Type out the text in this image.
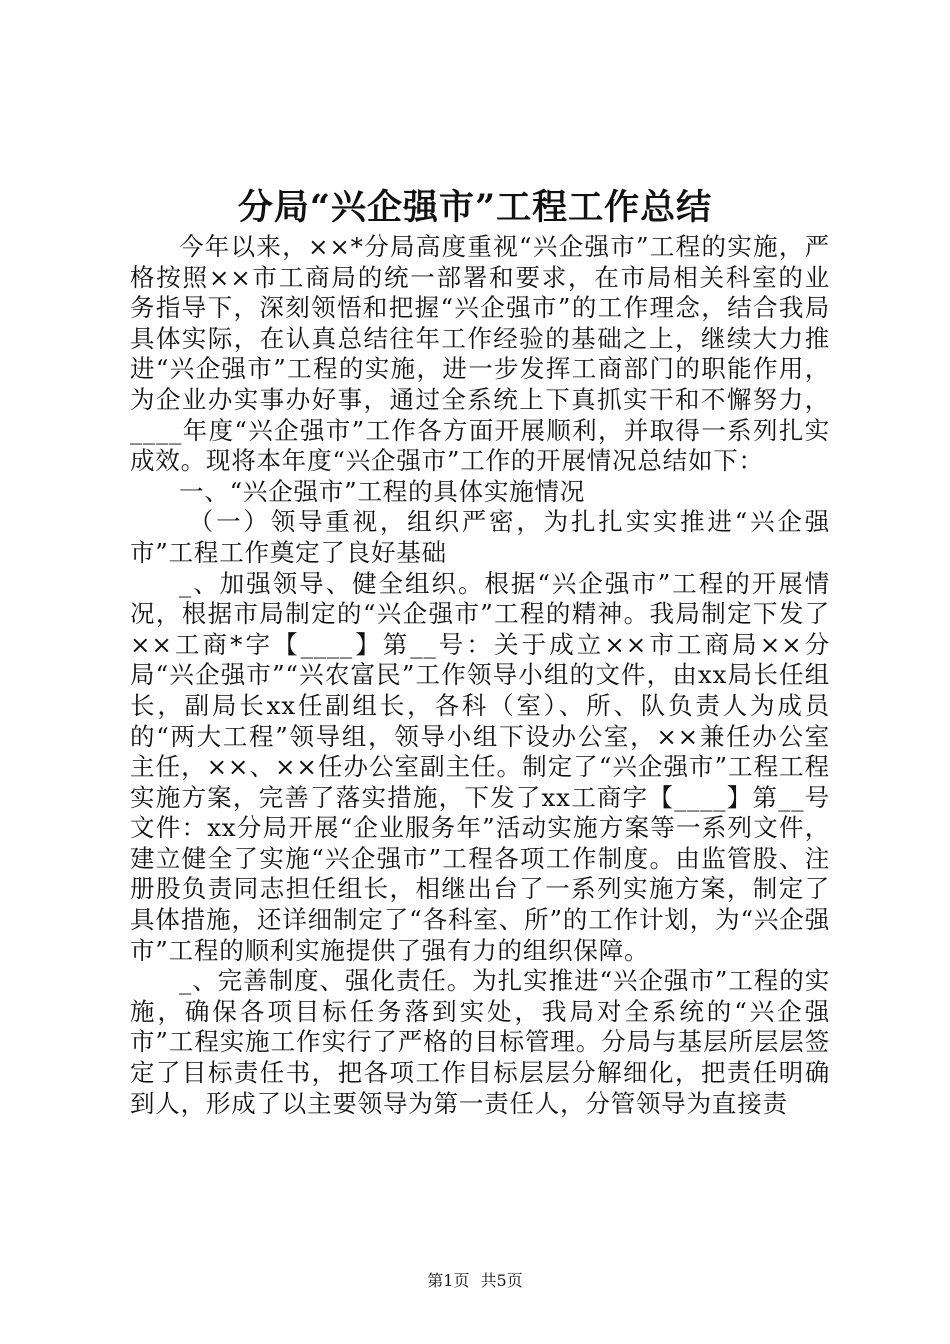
分局“兴企强市”工程工作总结

今年以来，××*分局高度重视“兴企强市”工程的实施，严格按照××市工商局的统一部署和要求，在市局相关科室的业务指导下，深刻领悟和把握“兴企强市”的工作理念，结合我局具体实际，在认真总结往年工作经验的基础之上，继续大力推进“兴企强市”工程的实施，进一步发挥工商部门的职能作用，为企业办实事办好事，通过全系统上下真抓实干和不懈努力，____年度“兴企强市”工作各方面开展顺利，并取得一系列扎实成效。现将本年度“兴企强市”工作的开展情况总结如下：

一、“兴企强市”工程的具体实施情况

（一）领导重视，组织严密，为扎扎实实推进“兴企强市”工程工作奠定了良好基础

_、加强领导、健全组织。根据“兴企强市”工程的开展情况，根据市局制定的“兴企强市”工程的精神。我局制定下发了××工商*字【____】第__号：关于成立××市工商局××分局“兴企强市”“兴农富民”工作领导小组的文件，由xx局长任组长，副局长xx任副组长，各科（室）、所、队负责人为成员的“两大工程”领导组，领导小组下设办公室，××兼任办公室主任，××、××任办公室副主任。制定了“兴企强市”工程工程实施方案，完善了落实措施，下发了xx工商字【____】第__号文件：xx分局开展“企业服务年”活动实施方案等一系列文件，建立健全了实施“兴企强市”工程各项工作制度。由监管股、注册股负责同志担任组长，相继出台了一系列实施方案，制定了具体措施，还详细制定了“各科室、所”的工作计划，为“兴企强市”工程的顺利实施提供了强有力的组织保障。

_、完善制度、强化责任。为扎实推进“兴企强市”工程的实施，确保各项目标任务落到实处，我局对全系统的“兴企强市”工程实施工作实行了严格的目标管理。分局与基层所层层签定了目标责任书，把各项工作目标层层分解细化，把责任明确到人，形成了以主要领导为第一责任人，分管领导为直接责

第1页 共5页
